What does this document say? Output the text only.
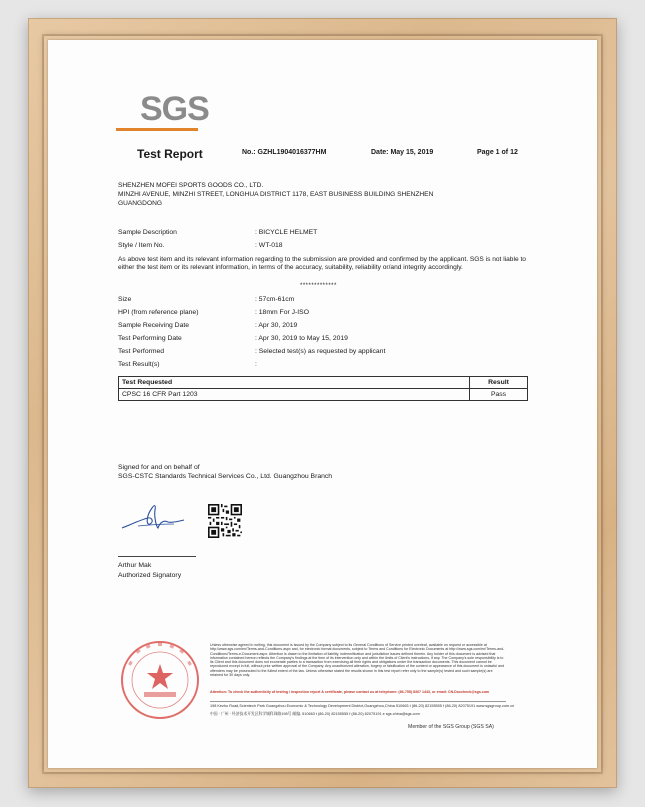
SGS
Test Report	No.: GZHL1904016377HM	Date: May 15, 2019	Page 1 of 12
SHENZHEN MOFEI SPORTS GOODS CO., LTD.
MINZHI AVENUE, MINZHI STREET, LONGHUA DISTRICT 1178, EAST BUSINESS BUILDING SHENZHEN
GUANGDONG
Sample Description	: BICYCLE HELMET
Style / Item No.	: WT-018
As above test item and its relevant information regarding to the submission are provided and confirmed by the applicant. SGS is not liable to either the test item or its relevant information, in terms of the accuracy, suitability, reliability or/and integrity accordingly.
*************
Size	: 57cm-61cm
HPI (from reference plane)	: 18mm For J-ISO
Sample Receiving Date	: Apr 30, 2019
Test Performing Date	: Apr 30, 2019 to May 15, 2019
Test Performed	: Selected test(s) as requested by applicant
Test Result(s)	:
Test Requested	Result
CPSC 16 CFR Part 1203	Pass
Signed for and on behalf of
SGS-CSTC Standards Technical Services Co., Ltd. Guangzhou Branch
Arthur Mak
Authorized Signatory
Unless otherwise agreed in writing, this document is issued by the Company subject to its General Conditions of Service printed overleaf, available on request or accessible at http://www.sgs.com/en/Terms-and-Conditions.aspx and, for electronic format documents, subject to Terms and Conditions for Electronic Documents at http://www.sgs.com/en/Terms-and-Conditions/Terms-e-Document.aspx. Attention is drawn to the limitation of liability, indemnification and jurisdiction issues defined therein. Any holder of this document is advised that information contained hereon reflects the Company's findings at the time of its intervention only and within the limits of Client's instructions, if any. The Company's sole responsibility is to its Client and this document does not exonerate parties to a transaction from exercising all their rights and obligations under the transaction documents. This document cannot be reproduced except in full, without prior written approval of the Company. Any unauthorized alteration, forgery or falsification of the content or appearance of this document is unlawful and offenders may be prosecuted to the fullest extent of the law. Unless otherwise stated the results shown in this test report refer only to the sample(s) tested and such sample(s) are retained for 30 days only.
Attention: To check the authenticity of testing / inspection report & certificate, please contact us at telephone: (86-755) 8307 1443, or email: CN.Doccheck@sgs.com
198 Kezhu Road,Scientech Park Guangzhou Economic & Technology Development District,Guangzhou,China 510663 t (86-20) 82155555 f (86-20) 82075191 www.sgsgroup.com.cn
中国 · 广州 · 经济技术开发区科学城科珠路198号 邮编: 510663 t (86-20) 82155555 f (86-20) 82075191 e sgs.china@sgs.com
Member of the SGS Group (SGS SA)
